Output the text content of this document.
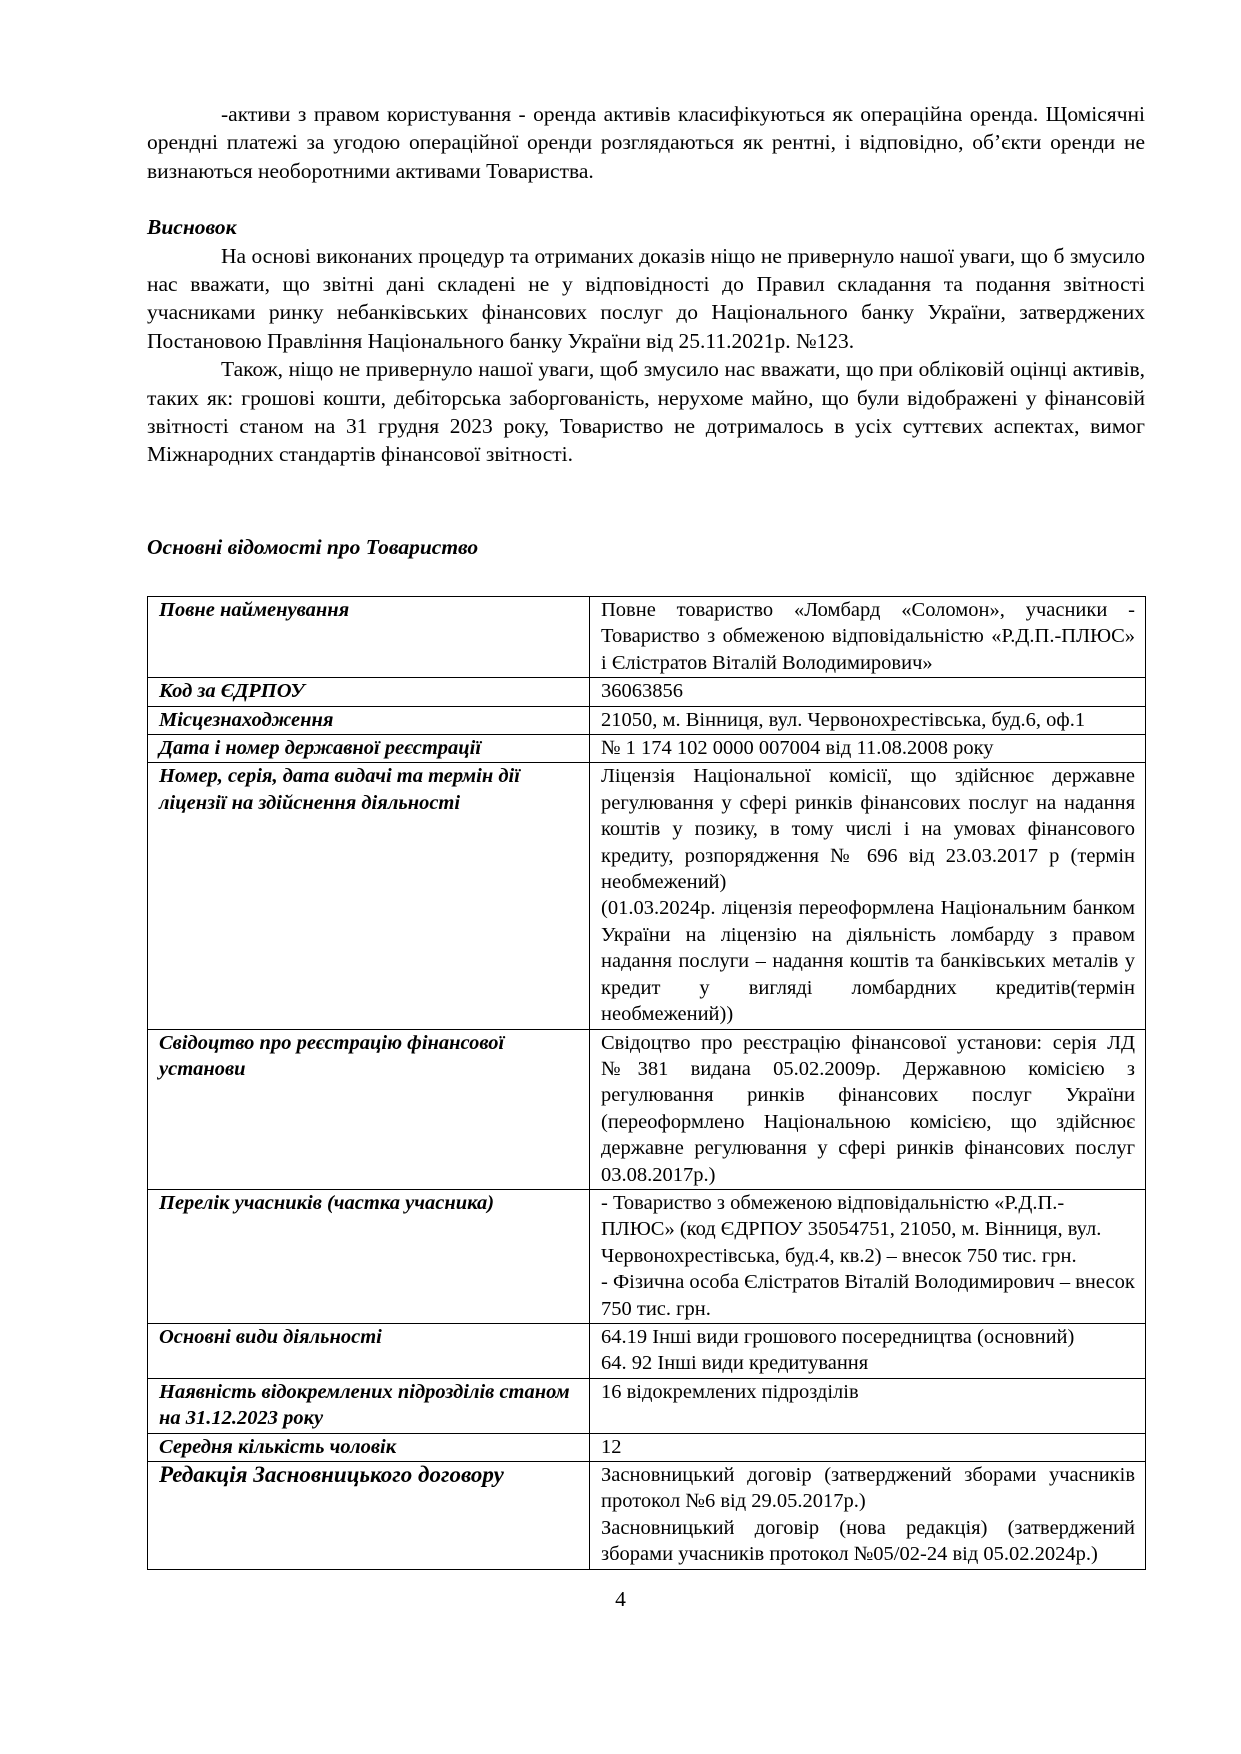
-активи з правом користування - оренда активів класифікуються як операційна оренда. Щомісячні орендні платежі за угодою операційної оренди розглядаються як рентні, і відповідно, об’єкти оренди не визнаються необоротними активами Товариства.

Висновок

На основі виконаних процедур та отриманих доказів ніщо не привернуло нашої уваги, що б змусило нас вважати, що звітні дані складені не у відповідності до Правил складання та подання звітності учасниками ринку небанківських фінансових послуг до Національного банку України, затверджених Постановою Правління Національного банку України від 25.11.2021р. №123.

Також, ніщо не привернуло нашої уваги, щоб змусило нас вважати, що при обліковій оцінці активів, таких як: грошові кошти, дебіторська заборгованість, нерухоме майно, що були відображені у фінансовій звітності станом на 31 грудня 2023 року, Товариство не дотрималось в усіх суттєвих аспектах, вимог Міжнародних стандартів фінансової звітності.

Основні відомості про Товариство
Повне найменування	Повне товариство «Ломбард «Соломон», учасники - Товариство з обмеженою відповідальністю «Р.Д.П.-ПЛЮС» і Єлістратов Віталій Володимирович»
Код за ЄДРПОУ	36063856
Місцезнаходження	21050, м. Вінниця, вул. Червонохрестівська, буд.6, оф.1
Дата і номер державної реєстрації	№ 1 174 102 0000 007004 від 11.08.2008 року
Номер, серія, дата видачі та термін дії ліцензії на здійснення діяльності	Ліцензія Національної комісії, що здійснює державне регулювання у сфері ринків фінансових послуг на надання коштів у позику, в тому числі і на умовах фінансового кредиту, розпорядження № 696 від 23.03.2017 р (термін необмежений)
(01.03.2024р. ліцензія переоформлена Національним банком України на ліцензію на діяльність ломбарду з правом надання послуги – надання коштів та банківських металів у кредит у вигляді ломбардних кредитів(термін необмежений))

Свідоцтво про реєстрацію фінансової установи	Свідоцтво про реєстрацію фінансової установи: серія ЛД №381 видана 05.02.2009р. Державною комісією з регулювання ринків фінансових послуг України (переоформлено Національною комісією, що здійснює державне регулювання у сфері ринків фінансових послуг 03.08.2017р.)
Перелік учасників (частка учасника)	- Товариство з обмеженою відповідальністю «Р.Д.П.-ПЛЮС» (код ЄДРПОУ 35054751, 21050, м. Вінниця, вул. Червонохрестівська, буд.4, кв.2) – внесок 750 тис. грн.
- Фізична особа Єлістратов Віталій Володимирович – внесок 750 тис. грн.

Основні види діяльності	64.19 Інші види грошового посередництва (основний)
64. 92 Інші види кредитування

Наявність відокремлених підрозділів станом на 31.12.2023 року	16 відокремлених підрозділів
Середня кількість чоловік	12
Редакція Засновницького договору	Засновницький договір (затверджений зборами учасників протокол №6 від 29.05.2017р.)
Засновницький договір (нова редакція) (затверджений зборами учасників протокол №05/02-24 від 05.02.2024р.)
4
